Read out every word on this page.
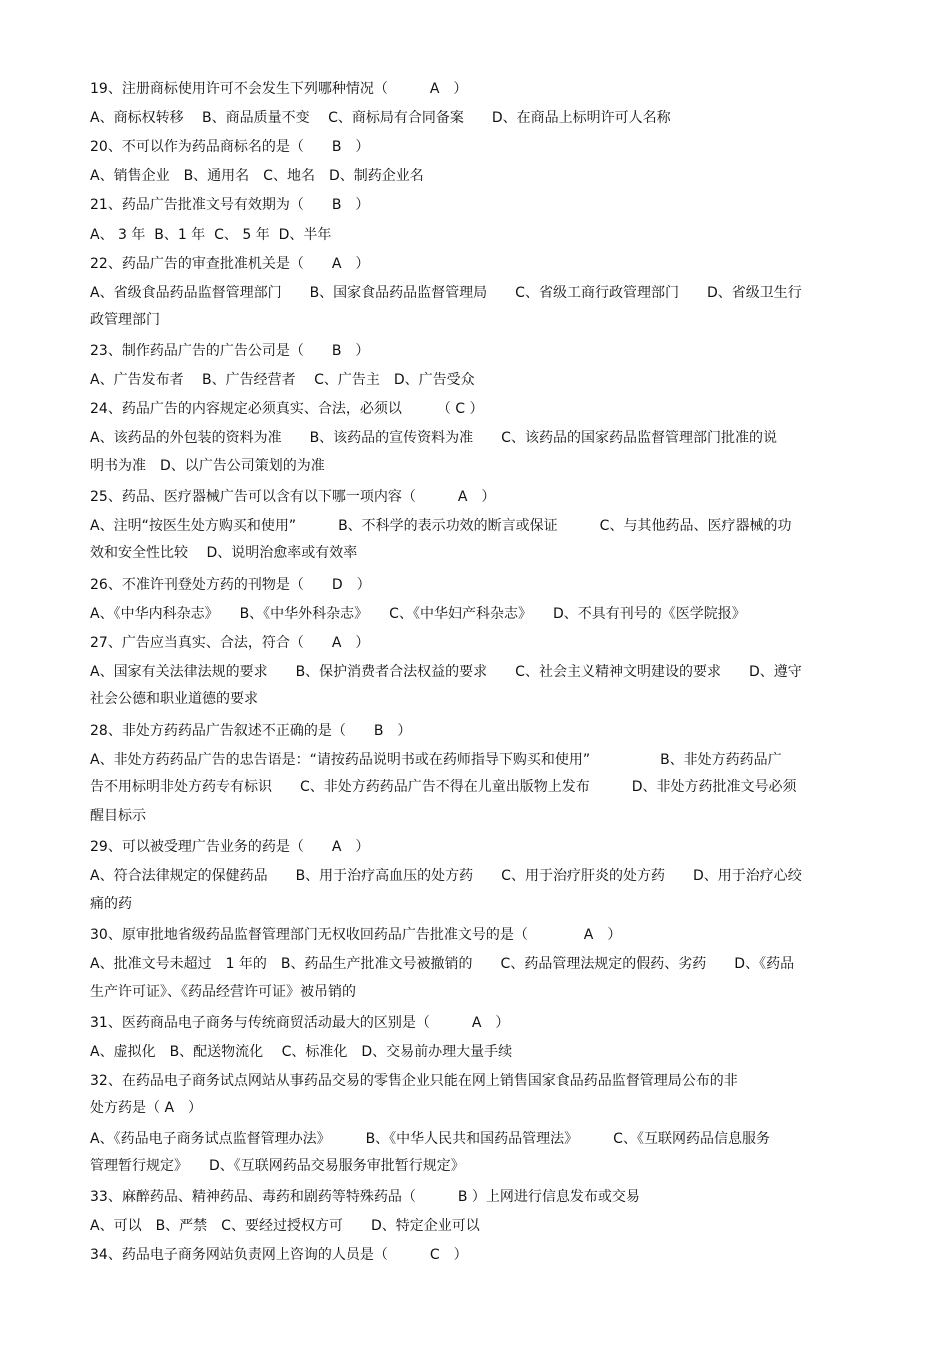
19、注册商标使用许可不会发生下列哪种情况（　　　A　）
A、商标权转移　 B、商品质量不变　 C、商标局有合同备案　　D、在商品上标明许可人名称
20、不可以作为药品商标名的是（　　B　）
A、销售企业　B、通用名　C、地名　D、制药企业名
21、药品广告批准文号有效期为（　　B　）
A、 3 年  B、1 年  C、 5 年  D、半年
22、药品广告的审查批准机关是（　　A　）
A、省级食品药品监督管理部门　　B、国家食品药品监督管理局　　C、省级工商行政管理部门　　D、省级卫生行
政管理部门
23、制作药品广告的广告公司是（　　B　）
A、广告发布者　 B、广告经营者　 C、广告主　D、广告受众
24、药品广告的内容规定必须真实、合法，必须以　　　（ C ）
A、该药品的外包装的资料为准　　B、该药品的宣传资料为准　　C、该药品的国家药品监督管理部门批准的说
明书为准　D、以广告公司策划的为准
25、药品、医疗器械广告可以含有以下哪一项内容（　　　A　）
A、注明“按医生处方购买和使用”　　　B、不科学的表示功效的断言或保证　　　C、与其他药品、医疗器械的功
效和安全性比较　 D、说明治愈率或有效率
26、不准许刊登处方药的刊物是（　　D　）
A、《中华内科杂志》　　B、《中华外科杂志》　　C、《中华妇产科杂志》　　D、不具有刊号的《医学院报》
27、广告应当真实、合法，符合（　　A　）
A、国家有关法律法规的要求　　B、保护消费者合法权益的要求　　C、社会主义精神文明建设的要求　　D、遵守
社会公德和职业道德的要求
28、非处方药药品广告叙述不正确的是（　　B　）
A、非处方药药品广告的忠告语是：“请按药品说明书或在药师指导下购买和使用”　　　　　B、非处方药药品广
告不用标明非处方药专有标识　　C、非处方药药品广告不得在儿童出版物上发布　　　D、非处方药批准文号必须
醒目标示
29、可以被受理广告业务的药是（　　A　）
A、符合法律规定的保健药品　　B、用于治疗高血压的处方药　　C、用于治疗肝炎的处方药　　D、用于治疗心绞
痛的药
30、原审批地省级药品监督管理部门无权收回药品广告批准文号的是（　　　　A　）
A、批准文号未超过　1 年的　B、药品生产批准文号被撤销的　　C、药品管理法规定的假药、劣药　　D、《药品
生产许可证》、《药品经营许可证》被吊销的
31、医药商品电子商务与传统商贸活动最大的区别是（　　　A　）
A、虚拟化　B、配送物流化　 C、标准化　D、交易前办理大量手续
32、在药品电子商务试点网站从事药品交易的零售企业只能在网上销售国家食品药品监督管理局公布的非
处方药是（ A　）
A、《药品电子商务试点监督管理办法》　　　B、《中华人民共和国药品管理法》　　　C、《互联网药品信息服务
管理暂行规定》　　D、《互联网药品交易服务审批暂行规定》
33、麻醉药品、精神药品、毒药和剧药等特殊药品（　　　B ）上网进行信息发布或交易
A、可以　B、严禁　C、要经过授权方可　　D、特定企业可以
34、药品电子商务网站负责网上咨询的人员是（　　　C　）
